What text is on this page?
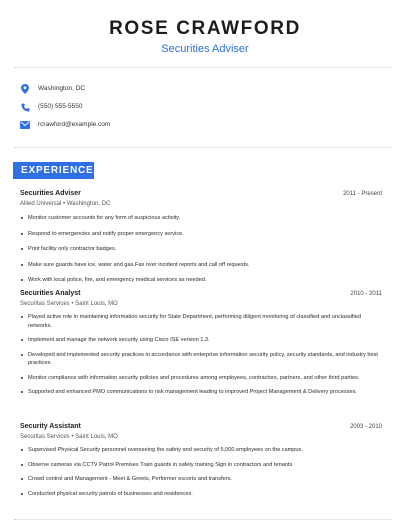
ROSE CRAWFORD
Securities Adviser
Washington, DC
(550) 555-5550
rcrawford@example.com
EXPERIENCE
Securities Adviser	2011 - Present
Allied Universal • Washington, DC
Monitor customer accounts for any form of suspicious activity.
Respond to emergencies and notify proper emergency service.
Print facility only contractor badges.
Make sure guards have ice, water and gas.Fax over incident reports and call off requests.
Work with local police, fire, and emergency medical services as needed.
Securities Analyst	2010 - 2011
Securitas Services • Saint Louis, MO
Played active role in maintaining information security for State Department, performing diligent monitoring of classified and unclassified networks.
Implement and manage the network security using Cisco ISE version 1.3.
Developed and implemented security practices in accordance with enterprise information security policy, security standards, and industry best practices.
Monitor compliance with information security policies and procedures among employees, contractors, partners, and other third parties.
Supported and enhanced PMO communications to risk management leading to improved Project Management & Delivery processes.
Security Assistant	2003 - 2010
Securitas Services • Saint Louis, MO
Supervised Physical Security personnel overseeing the safety and security of 5,000 employees on the campus.
Observe cameras via CCTV Patrol Premises Train guards in safety training Sign in contractors and tenants
Crowd control and Management - Meet & Greets, Performer escorts and transfers.
Conducted physical security patrols of businesses and residences.
